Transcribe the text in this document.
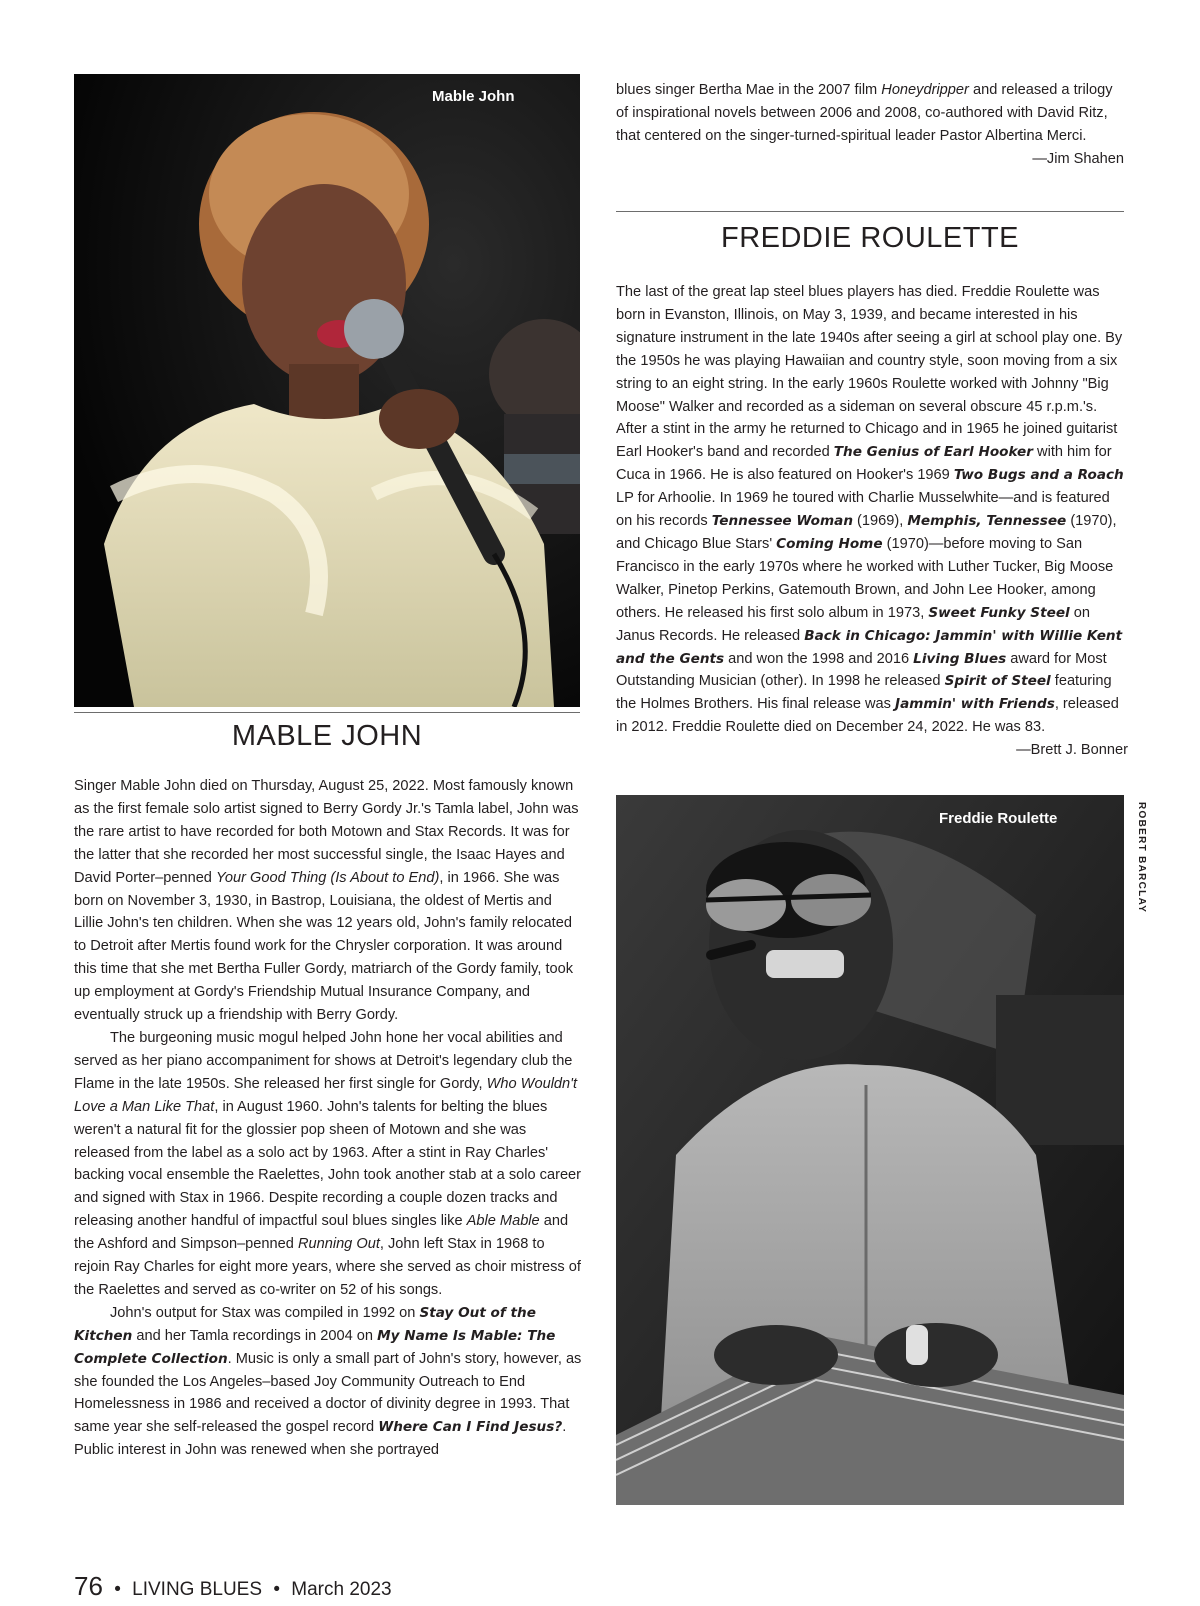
Mable John
MABLE JOHN

Singer Mable John died on Thursday, August 25, 2022. Most famously known as the first female solo artist signed to Berry Gordy Jr.'s Tamla label, John was the rare artist to have recorded for both Motown and Stax Records. It was for the latter that she recorded her most successful single, the Isaac Hayes and David Porter–penned Your Good Thing (Is About to End), in 1966. She was born on November 3, 1930, in Bastrop, Louisiana, the oldest of Mertis and Lillie John's ten children. When she was 12 years old, John's family relocated to Detroit after Mertis found work for the Chrysler corporation. It was around this time that she met Bertha Fuller Gordy, matriarch of the Gordy family, took up employment at Gordy's Friendship Mutual Insurance Company, and eventually struck up a friendship with Berry Gordy.

The burgeoning music mogul helped John hone her vocal abilities and served as her piano accompaniment for shows at Detroit's legendary club the Flame in the late 1950s. She released her first single for Gordy, Who Wouldn't Love a Man Like That, in August 1960. John's talents for belting the blues weren't a natural fit for the glossier pop sheen of Motown and she was released from the label as a solo act by 1963. After a stint in Ray Charles' backing vocal ensemble the Raelettes, John took another stab at a solo career and signed with Stax in 1966. Despite recording a couple dozen tracks and releasing another handful of impactful soul blues singles like Able Mable and the Ashford and Simpson–penned Running Out, John left Stax in 1968 to rejoin Ray Charles for eight more years, where she served as choir mistress of the Raelettes and served as co-writer on 52 of his songs.

John's output for Stax was compiled in 1992 on Stay Out of the Kitchen and her Tamla recordings in 2004 on My Name Is Mable: The Complete Collection. Music is only a small part of John's story, however, as she founded the Los Angeles–based Joy Community Outreach to End Homelessness in 1986 and received a doctor of divinity degree in 1993. That same year she self-released the gospel record Where Can I Find Jesus?. Public interest in John was renewed when she portrayed

blues singer Bertha Mae in the 2007 film Honeydripper and released a trilogy of inspirational novels between 2006 and 2008, co-authored with David Ritz, that centered on the singer-turned-spiritual leader Pastor Albertina Merci.

—Jim Shahen

FREDDIE ROULETTE

The last of the great lap steel blues players has died. Freddie Roulette was born in Evanston, Illinois, on May 3, 1939, and became interested in his signature instrument in the late 1940s after seeing a girl at school play one. By the 1950s he was playing Hawaiian and country style, soon moving from a six string to an eight string. In the early 1960s Roulette worked with Johnny "Big Moose" Walker and recorded as a sideman on several obscure 45 r.p.m.'s. After a stint in the army he returned to Chicago and in 1965 he joined guitarist Earl Hooker's band and recorded The Genius of Earl Hooker with him for Cuca in 1966. He is also featured on Hooker's 1969 Two Bugs and a Roach LP for Arhoolie. In 1969 he toured with Charlie Musselwhite—and is featured on his records Tennessee Woman (1969), Memphis, Tennessee (1970), and Chicago Blue Stars' Coming Home (1970)—before moving to San Francisco in the early 1970s where he worked with Luther Tucker, Big Moose Walker, Pinetop Perkins, Gatemouth Brown, and John Lee Hooker, among others. He released his first solo album in 1973, Sweet Funky Steel on Janus Records. He released Back in Chicago: Jammin' with Willie Kent and the Gents and won the 1998 and 2016 Living Blues award for Most Outstanding Musician (other). In 1998 he released Spirit of Steel featuring the Holmes Brothers. His final release was Jammin' with Friends, released in 2012. Freddie Roulette died on December 24, 2022. He was 83.

—Brett J. Bonner

Freddie Roulette	ROBERT BARCLAY
76 • LIVING BLUES • March 2023
